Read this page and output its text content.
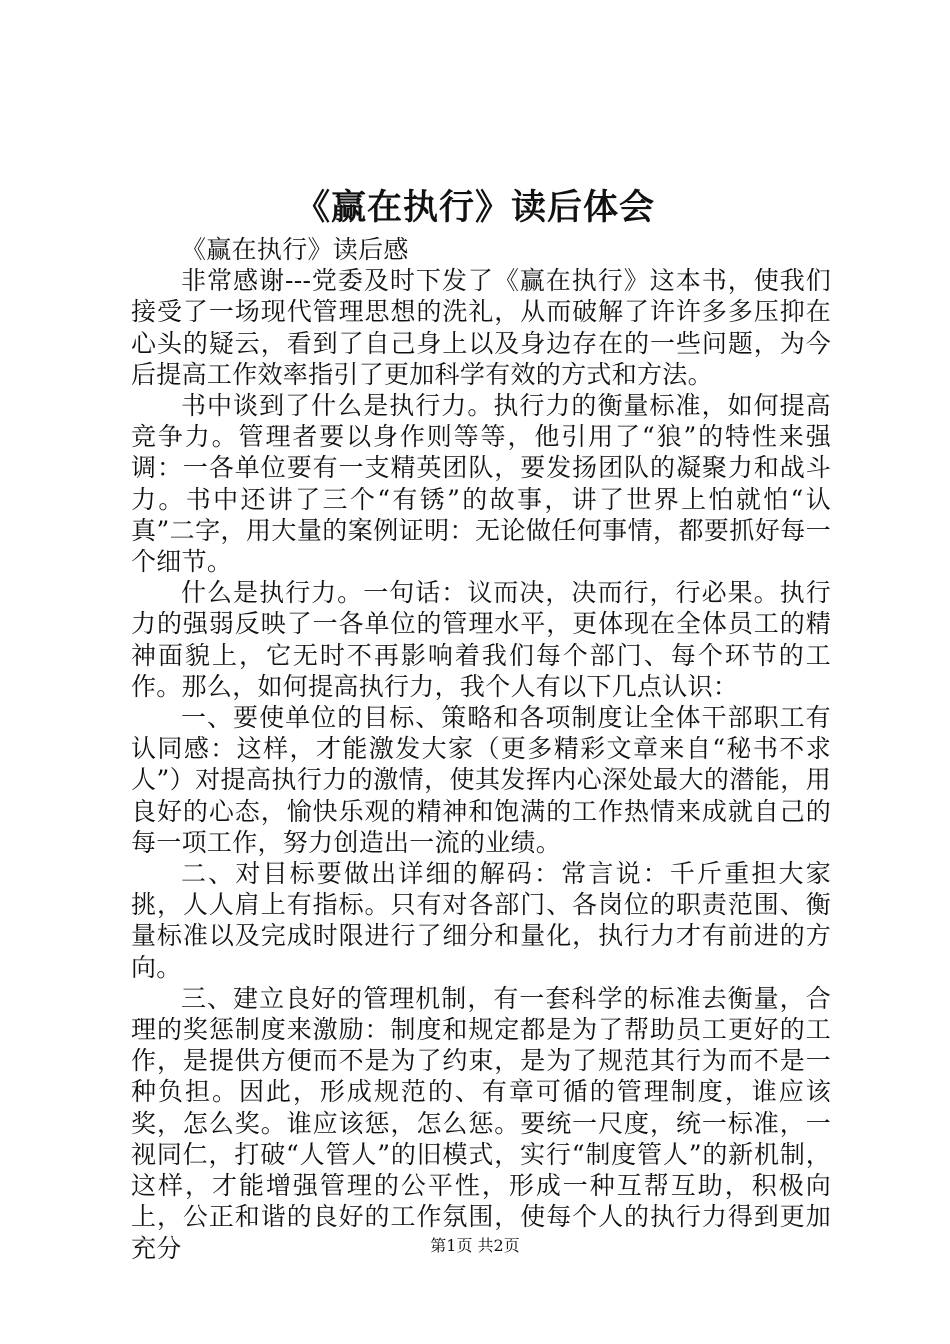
《赢在执行》读后体会

《赢在执行》读后感

非常感谢---党委及时下发了《赢在执行》这本书，使我们接受了一场现代管理思想的洗礼，从而破解了许许多多压抑在心头的疑云，看到了自己身上以及身边存在的一些问题，为今后提高工作效率指引了更加科学有效的方式和方法。

书中谈到了什么是执行力。执行力的衡量标准，如何提高竞争力。管理者要以身作则等等，他引用了“狼”的特性来强调：一各单位要有一支精英团队，要发扬团队的凝聚力和战斗力。书中还讲了三个“有锈”的故事，讲了世界上怕就怕“认真”二字，用大量的案例证明：无论做任何事情，都要抓好每一个细节。

什么是执行力。一句话：议而决，决而行，行必果。执行力的强弱反映了一各单位的管理水平，更体现在全体员工的精神面貌上，它无时不再影响着我们每个部门、每个环节的工作。那么，如何提高执行力，我个人有以下几点认识：

一、要使单位的目标、策略和各项制度让全体干部职工有认同感：这样，才能激发大家（更多精彩文章来自“秘书不求人”）对提高执行力的激情，使其发挥内心深处最大的潜能，用良好的心态，愉快乐观的精神和饱满的工作热情来成就自己的每一项工作，努力创造出一流的业绩。

二、对目标要做出详细的解码：常言说：千斤重担大家挑，人人肩上有指标。只有对各部门、各岗位的职责范围、衡量标准以及完成时限进行了细分和量化，执行力才有前进的方向。

三、建立良好的管理机制，有一套科学的标准去衡量，合理的奖惩制度来激励：制度和规定都是为了帮助员工更好的工作，是提供方便而不是为了约束，是为了规范其行为而不是一种负担。因此，形成规范的、有章可循的管理制度，谁应该奖，怎么奖。谁应该惩，怎么惩。要统一尺度，统一标准，一视同仁，打破“人管人”的旧模式，实行“制度管人”的新机制，这样，才能增强管理的公平性，形成一种互帮互助，积极向上，公正和谐的良好的工作氛围，使每个人的执行力得到更加充分	第1页 共2页
